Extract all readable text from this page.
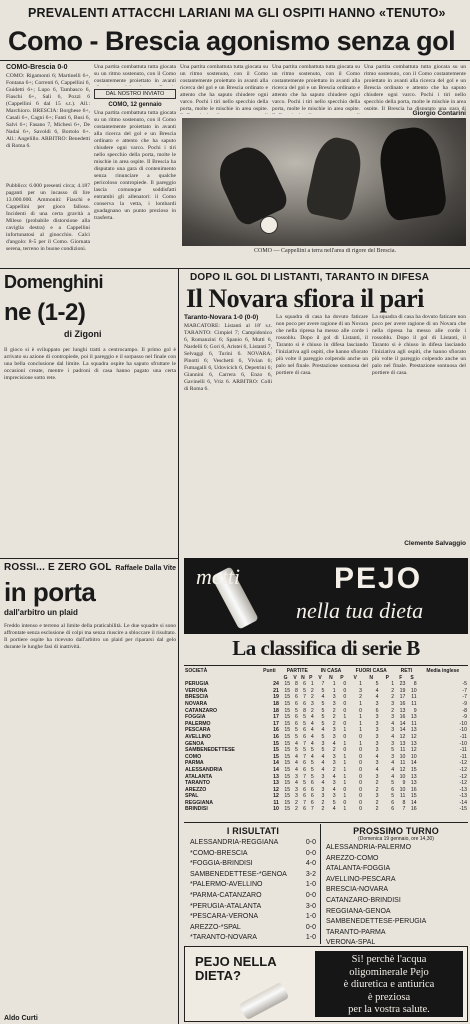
PREVALENTI ATTACCHI LARIANI MA GLI OSPITI HANNO «TENUTO»
Como - Brescia agonismo senza gol
COMO-Brescia 0-0
COMO: Rigamonti 6; Martinelli 6+, Fontana 6+; Correnti 6, Cappellini 6, Guidetti 6+; Lupo 6, Tambasco 6, Fiaschi 6+, Sali 6, Pozzi 6 (Cappellini 6 dal 15 s.t.). All.: Marchioro. BRESCIA: Borghese 6+, Casali 6+, Cagni 6+; Fanti 6, Busi 6, Salvi 6+; Fasano 7, Michesi 6+, De Nadai 6+, Savoldi 6, Bortolo 6+. All.: Angelillo. ARBITRO: Benedetti di Roma 6.
Pubblico: 6.000 presenti circa; 4.187 paganti per un incasso di lire 13.000.000. Ammoniti: Fiaschi e Cappellini per gioco falloso. Incidenti di una certa gravità a Mileso (probabile distorsione alla caviglia destra) e a Cappellini infortunatosi al ginocchio. Calci d'angolo: 8-5 per il Como. Giornata serena, terreno in buone condizioni.
Una partita combattuta tutta giocata su un ritmo sostenuto, con il Como costantemente proiettato in avanti
DAL NOSTRO INVIATO
COMO, 12 gennaio
Una partita combattuta tutta giocata su un ritmo sostenuto, con il Como costantemente proiettato in avanti alla ricerca del gol e un Brescia ordinato e attento che ha saputo chiudere ogni varco. Pochi i tiri nello specchio della porta, molte le mischie in area ospite. Il Brescia ha disputato una gara di contenimento senza rinunciare a qualche pericoloso contropiede. Il pareggio lascia comunque soddisfatti entrambi gli allenatori: il Como conserva la vetta, i lombardi guadagnano un punto prezioso in trasferta.
Una partita combattuta tutta giocata su un ritmo sostenuto, con il Como costantemente proiettato in avanti alla ricerca del gol e un Brescia ordinato e attento che ha saputo chiudere ogni varco. Pochi i tiri nello specchio della porta, molte le mischie in area ospite.
Una partita combattuta tutta giocata su un ritmo sostenuto, con il Como costantemente proiettato in avanti alla ricerca del gol e un Brescia ordinato e attento che ha saputo chiudere ogni varco. Pochi i tiri nello specchio della porta, molte le mischie in area ospite.
Una partita combattuta tutta giocata su un ritmo sostenuto, con il Como costantemente proiettato in avanti alla ricerca del gol e un Brescia ordinato e attento che ha saputo chiudere ogni varco. Pochi i tiri nello specchio della porta, molte le mischie in area ospite. Il Brescia ha disputato una gara di
Giorgio Contarini
COMO — Cappellini a terra nell'area di rigore del Brescia.
Domenghini
ne (1-2)
di Zigoni
Il gioco si è sviluppato per lunghi tratti a centrocampo. Il primo gol è arrivato su azione di contropiede, poi il pareggio e il sorpasso nel finale con una bella conclusione dal limite. La squadra ospite ha saputo sfruttare le occasioni create, mentre i padroni di casa hanno pagato una certa imprecisione sotto rete.
Raffaele Dalla Vite
ROSSI... E ZERO GOL
in porta
dall'arbitro un plaid
Freddo intenso e terreno al limite della praticabilità. Le due squadre si sono affrontate senza esclusione di colpi ma senza riuscire a sbloccare il risultato. Il portiere ospite ha ricevuto dall'arbitro un plaid per ripararsi dal gelo durante le lunghe fasi di inattività.
Aldo Curti
DOPO IL GOL DI LISTANTI, TARANTO IN DIFESA
Il Novara sfiora il pari
Taranto-Novara 1-0 (0-0)
MARCATORE: Listanti al 18' s.t. TARANTO: Cimpiel 7; Campidonico 6, Romanzini 6; Spanio 6, Mutti 6, Nardelli 6; Gori 6, Aristei 6, Listanti 7, Selvaggi 6, Turini 6. NOVARA: Pinotti 6; Veschetti 6, Vivian 6; Fumagalli 6, Udovicich 6, Depetrini 6; Giannini 6, Carrera 6, Enzo 6, Gavinelli 6, Vriz 6. ARBITRO: Colli di Roma 6.
La squadra di casa ha dovuto faticare non poco per avere ragione di un Novara che nella ripresa ha messo alle corde i rossoblu. Dopo il gol di Listanti, il Taranto si è chiuso in difesa lasciando l'iniziativa agli ospiti, che hanno sfiorato più volte il pareggio colpendo anche un palo nel finale. Prestazione sontuosa del portiere di casa.
La squadra di casa ha dovuto faticare non poco per avere ragione di un Novara che nella ripresa ha messo alle corde i rossoblu. Dopo il gol di Listanti, il Taranto si è chiuso in difesa lasciando l'iniziativa agli ospiti, che hanno sfiorato più volte il pareggio colpendo anche un palo nel finale. Prestazione sontuosa del portiere di casa.
Clemente Salvaggio
metti	PEJO
nella tua dieta
La classifica di serie B
SOCIETÀ	Punti	PARTITE				IN CASA			FUORI CASA			RETI		Media inglese
		G	V	N	P	V	N	P	V	N	P	F	S	
PERUGIA	24	15	8	6	1	7	1	0	1	5	1	23	8	-5
VERONA	21	15	8	5	2	5	1	0	3	4	2	19	10	-7
BRESCIA	19	15	6	7	2	4	3	0	2	4	2	17	11	-7
NOVARA	18	15	6	6	3	5	3	0	1	3	3	16	11	-9
CATANZARO	18	15	5	8	2	5	2	0	0	6	2	13	9	-8
FOGGIA	17	15	6	5	4	5	2	1	1	3	3	16	13	-9
PALERMO	17	15	6	5	4	5	2	0	1	3	4	14	11	-10
PESCARA	16	15	5	6	4	4	3	1	1	3	3	14	13	-10
AVELLINO	16	15	5	6	4	5	3	0	0	3	4	12	12	-11
GENOA	15	15	4	7	4	3	4	1	1	3	3	13	13	-10
SAMBENEDETTESE	15	15	5	5	5	5	2	0	0	3	5	11	12	-11
COMO	15	15	4	7	4	4	3	1	0	4	3	10	10	-11
PARMA	14	15	4	6	5	4	3	1	0	3	4	11	14	-12
ALESSANDRIA	14	15	4	6	5	4	2	1	0	4	4	12	15	-12
ATALANTA	13	15	3	7	5	3	4	1	0	3	4	10	13	-12
TARANTO	13	15	4	5	6	4	3	1	0	2	5	9	13	-12
AREZZO	12	15	3	6	6	3	4	0	0	2	6	10	16	-13
SPAL	12	15	3	6	6	3	3	1	0	3	5	11	15	-13
REGGIANA	11	15	2	7	6	2	5	0	0	2	6	8	14	-14
BRINDISI	10	15	2	6	7	2	4	1	0	2	6	7	16	-15
I RISULTATI
ALESSANDRIA-REGGIANA	0-0
*COMO-BRESCIA	0-0
*FOGGIA-BRINDISI	4-0
SAMBENEDETTESE-*GENOA	3-2
*PALERMO-AVELLINO	1-0
*PARMA-CATANZARO	0-0
*PERUGIA-ATALANTA	3-0
*PESCARA-VERONA	1-0
AREZZO-*SPAL	0-0
*TARANTO-NOVARA	1-0
PROSSIMO TURNO
(Domenica 19 gennaio, ore 14,30)
ALESSANDRIA-PALERMO
AREZZO-COMO
ATALANTA-FOGGIA
AVELLINO-PESCARA
BRESCIA-NOVARA
CATANZARO-BRINDISI
REGGIANA-GENOA
SAMBENEDETTESE-PERUGIA
TARANTO-PARMA
VERONA-SPAL
PEJO NELLA
DIETA?
Si! perchè l'acqua
oligominerale Pejo
è diuretica e antiurica
è preziosa
per la vostra salute.
